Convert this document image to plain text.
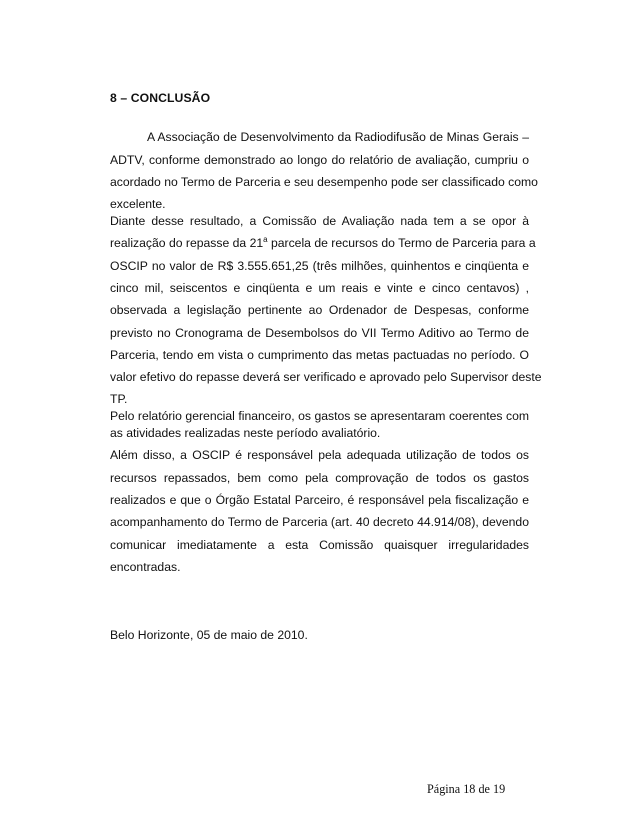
8 – CONCLUSÃO
A Associação de Desenvolvimento da Radiodifusão de Minas Gerais –
ADTV, conforme demonstrado ao longo do relatório de avaliação, cumpriu o
acordado no Termo de Parceria e seu desempenho pode ser classificado como
excelente.
Diante desse resultado, a Comissão de Avaliação nada tem a se opor à
realização do repasse da 21$^a$ parcela de recursos do Termo de Parceria para a
OSCIP no valor de R$ 3.555.651,25 (três milhões, quinhentos e cinqüenta e
cinco mil, seiscentos e cinqüenta e um reais e vinte e cinco centavos) ,
observada a legislação pertinente ao Ordenador de Despesas, conforme
previsto no Cronograma de Desembolsos do VII Termo Aditivo ao Termo de
Parceria, tendo em vista o cumprimento das metas pactuadas no período. O
valor efetivo do repasse deverá ser verificado e aprovado pelo Supervisor deste
TP.
Pelo relatório gerencial financeiro, os gastos se apresentaram coerentes com
as atividades realizadas neste período avaliatório.
Além disso, a OSCIP é responsável pela adequada utilização de todos os
recursos repassados, bem como pela comprovação de todos os gastos
realizados e que o Órgão Estatal Parceiro, é responsável pela fiscalização e
acompanhamento do Termo de Parceria (art. 40 decreto 44.914/08), devendo
comunicar imediatamente a esta Comissão quaisquer irregularidades
encontradas.
Belo Horizonte, 05 de maio de 2010.
Página 18 de 19
